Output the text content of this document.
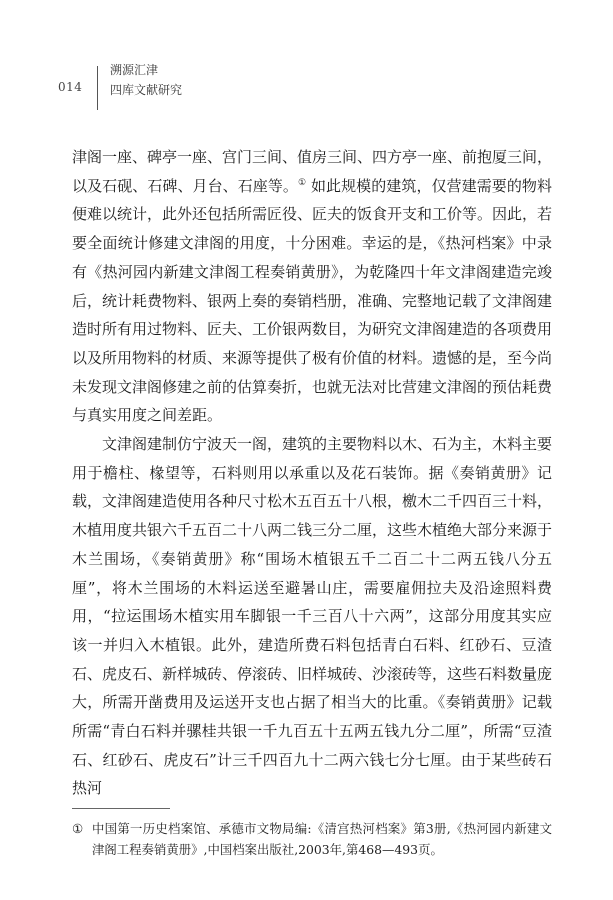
014
溯源汇津
四库文献研究

津阁一座、碑亭一座、宫门三间、值房三间、四方亭一座、前抱厦三间，以及石砚、石碑、月台、石座等。① 如此规模的建筑，仅营建需要的物料便难以统计，此外还包括所需匠役、匠夫的饭食开支和工价等。因此，若要全面统计修建文津阁的用度，十分困难。幸运的是，《热河档案》中录有《热河园内新建文津阁工程奏销黄册》，为乾隆四十年文津阁建造完竣后，统计耗费物料、银两上奏的奏销档册，准确、完整地记载了文津阁建造时所有用过物料、匠夫、工价银两数目，为研究文津阁建造的各项费用以及所用物料的材质、来源等提供了极有价值的材料。遗憾的是，至今尚未发现文津阁修建之前的估算奏折，也就无法对比营建文津阁的预估耗费与真实用度之间差距。

文津阁建制仿宁波天一阁，建筑的主要物料以木、石为主，木料主要用于檐柱、椽望等，石料则用以承重以及花石装饰。据《奏销黄册》记载，文津阁建造使用各种尺寸松木五百五十八根，檄木二千四百三十料，木植用度共银六千五百二十八两二钱三分二厘，这些木植绝大部分来源于木兰围场，《奏销黄册》称“围场木植银五千二百二十二两五钱八分五厘”，将木兰围场的木料运送至避暑山庄，需要雇佣拉夫及沿途照料费用，“拉运围场木植实用车脚银一千三百八十六两”，这部分用度其实应该一并归入木植银。此外，建造所费石料包括青白石料、红砂石、豆渣石、虎皮石、新样城砖、停滚砖、旧样城砖、沙滚砖等，这些石料数量庞大，所需开凿费用及运送开支也占据了相当大的比重。《奏销黄册》记载所需“青白石料并骡桂共银一千九百五十五两五钱九分二厘”，所需“豆渣石、红砂石、虎皮石”计三千四百九十二两六钱七分七厘。由于某些砖石热河

① 中国第一历史档案馆、承德市文物局编:《清宫热河档案》第3册,《热河园内新建文津阁工程奏销黄册》,中国档案出版社,2003年,第468—493页。
